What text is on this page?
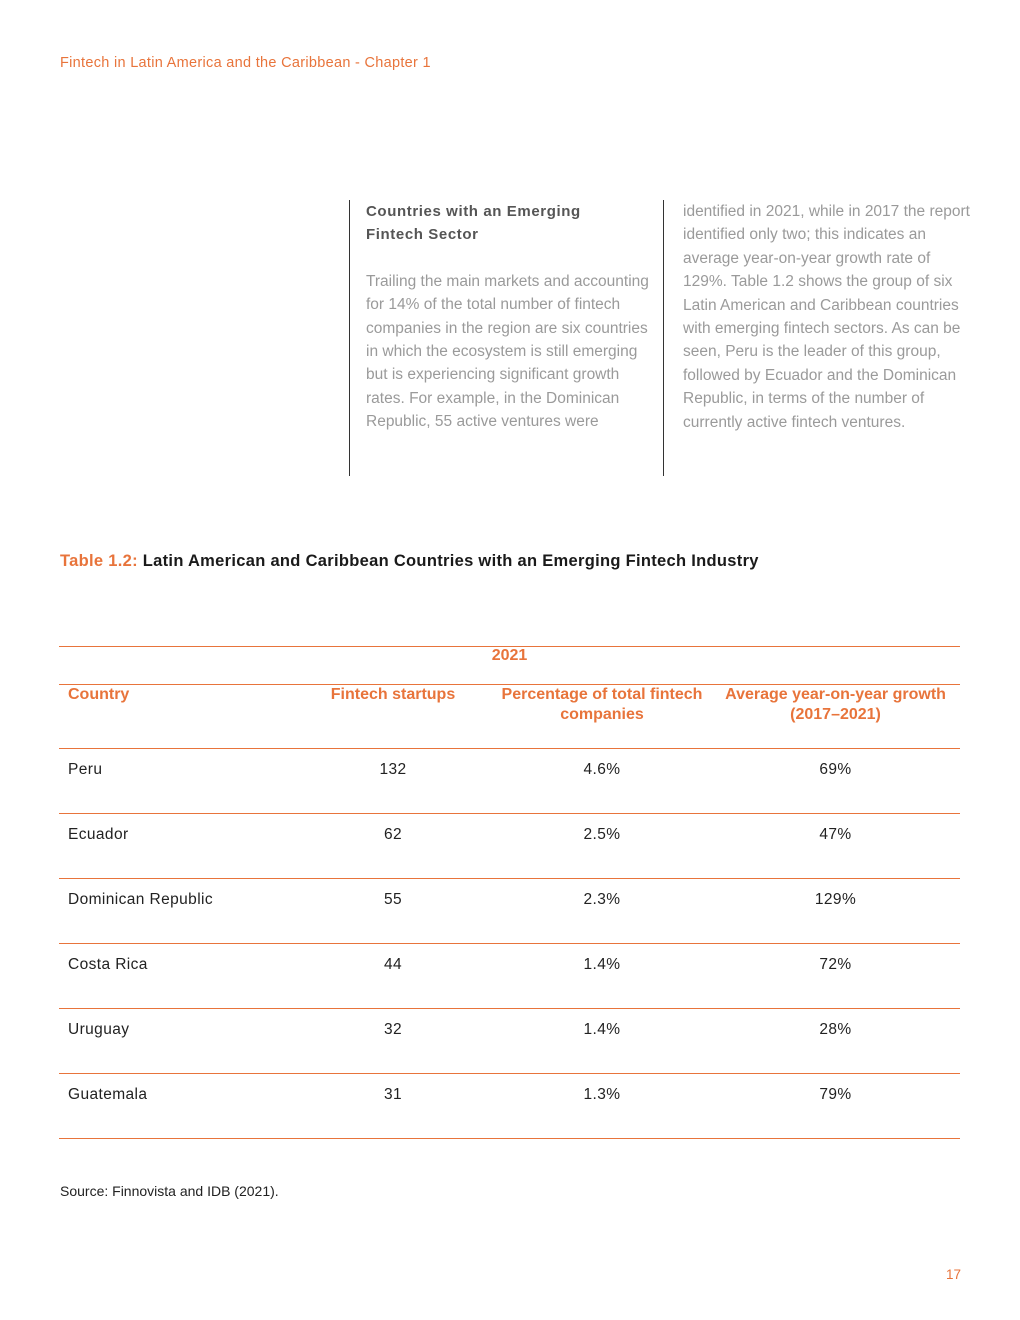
Fintech in Latin America and the Caribbean - Chapter 1

Countries with an Emerging
Fintech Sector

Trailing the main markets and accounting for 14% of the total number of fintech companies in the region are six countries in which the ecosystem is still emerging but is experiencing significant growth rates. For example, in the Dominican Republic, 55 active ventures were

identified in 2021, while in 2017 the report identified only two; this indicates an average year-on-year growth rate of 129%. Table 1.2 shows the group of six Latin American and Caribbean countries with emerging fintech sectors. As can be seen, Peru is the leader of this group, followed by Ecuador and the Dominican Republic, in terms of the number of currently active fintech ventures.

Table 1.2: Latin American and Caribbean Countries with an Emerging Fintech Industry
2021			
Country	Fintech startups	Percentage of total fintech companies	Average year-on-year growth (2017–2021)
Peru	132	4.6%	69%
Ecuador	62	2.5%	47%
Dominican Republic	55	2.3%	129%
Costa Rica	44	1.4%	72%
Uruguay	32	1.4%	28%
Guatemala	31	1.3%	79%
Source: Finnovista and IDB (2021).
17
